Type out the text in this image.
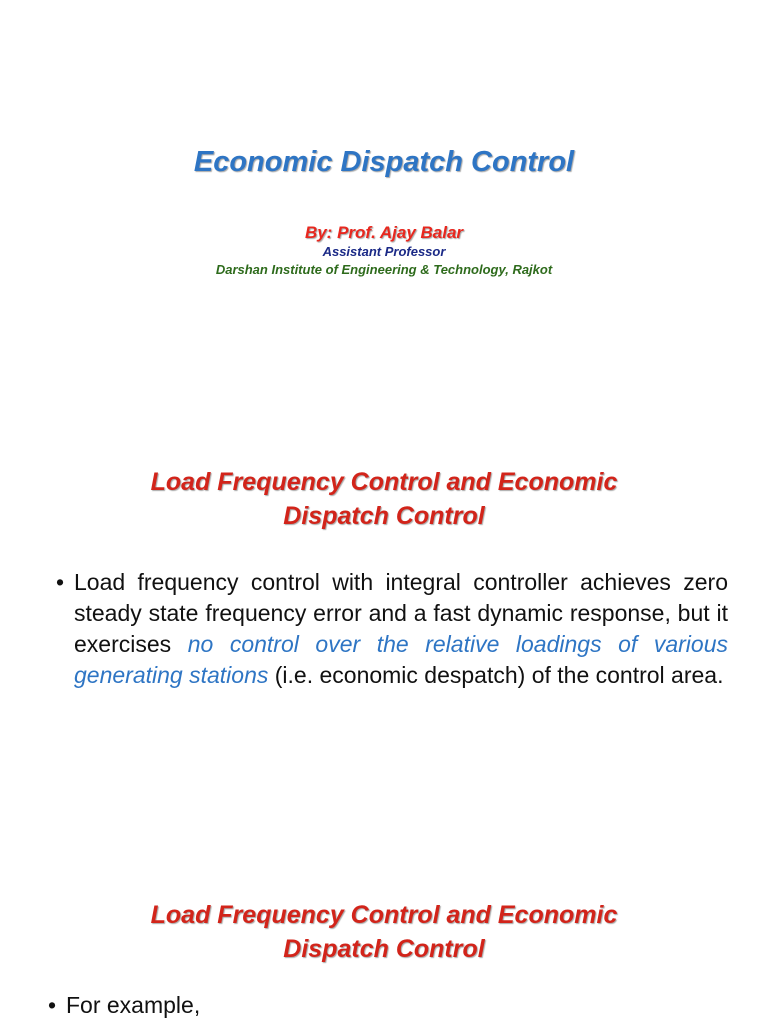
Economic Dispatch Control
By: Prof. Ajay Balar
Assistant Professor
Darshan Institute of Engineering & Technology, Rajkot
Load Frequency Control and Economic
Dispatch Control
• Load frequency control with integral controller achieves zero steady state frequency error and a fast dynamic response, but it exercises no control over the relative loadings of various generating stations (i.e. economic despatch) of the control area.
Load Frequency Control and Economic
Dispatch Control
• For example,
